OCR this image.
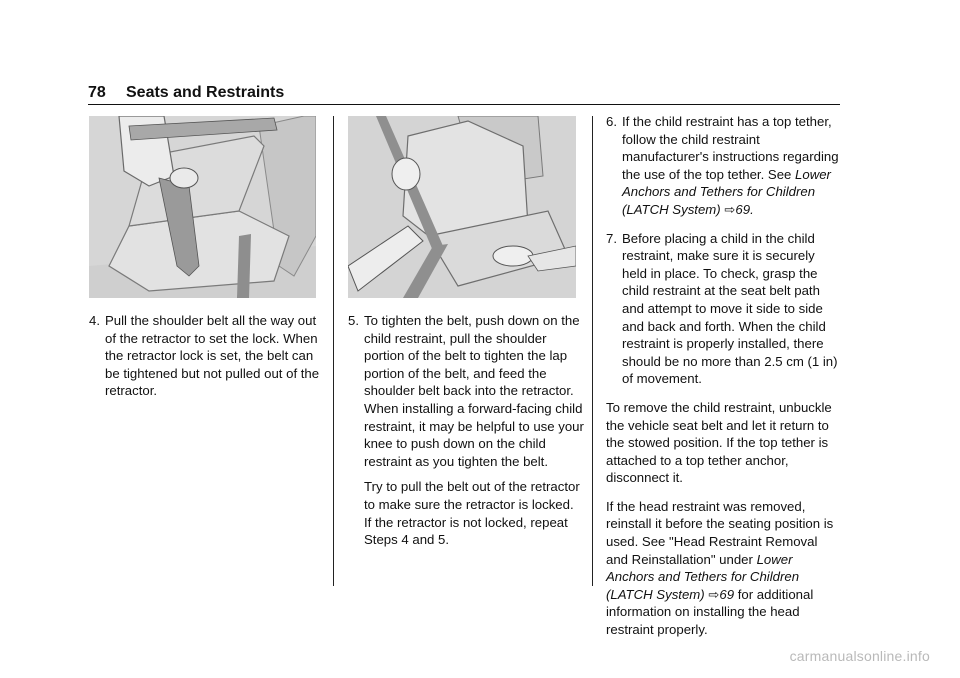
78	Seats and Restraints
4. Pull the shoulder belt all the way out of the retractor to set the lock. When the retractor lock is set, the belt can be tightened but not pulled out of the retractor.

5. To tighten the belt, push down on the child restraint, pull the shoulder portion of the belt to tighten the lap portion of the belt, and feed the shoulder belt back into the retractor. When installing a forward-facing child restraint, it may be helpful to use your knee to push down on the child restraint as you tighten the belt.

Try to pull the belt out of the retractor to make sure the retractor is locked. If the retractor is not locked, repeat Steps 4 and 5.

6. If the child restraint has a top tether, follow the child restraint manufacturer's instructions regarding the use of the top tether. See Lower Anchors and Tethers for Children (LATCH System) ⇨69.

7. Before placing a child in the child restraint, make sure it is securely held in place. To check, grasp the child restraint at the seat belt path and attempt to move it side to side and back and forth. When the child restraint is properly installed, there should be no more than 2.5 cm (1 in) of movement.

To remove the child restraint, unbuckle the vehicle seat belt and let it return to the stowed position. If the top tether is attached to a top tether anchor, disconnect it.

If the head restraint was removed, reinstall it before the seating position is used. See "Head Restraint Removal and Reinstallation" under Lower Anchors and Tethers for Children (LATCH System) ⇨69 for additional information on installing the head restraint properly.

carmanualsonline.info
